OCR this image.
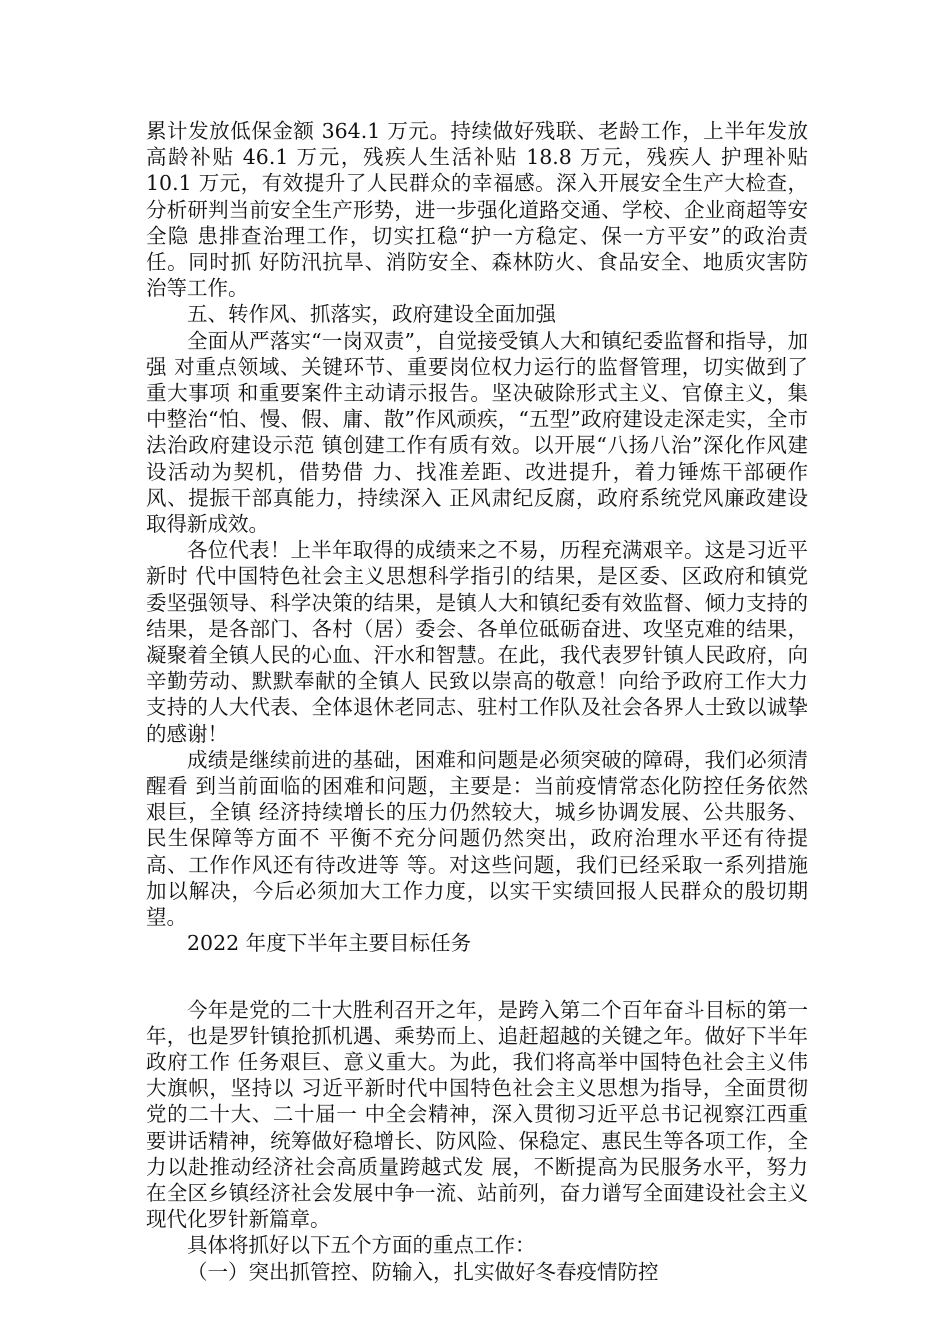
累计发放低保金额 364.1 万元。持续做好残联、老龄工作，上半年发放高龄补贴 46.1 万元，残疾人生活补贴 18.8 万元，残疾人 护理补贴 10.1 万元，有效提升了人民群众的幸福感。深入开展安全生产大检查，分析研判当前安全生产形势，进一步强化道路交通、学校、企业商超等安全隐 患排查治理工作，切实扛稳“护一方稳定、保一方平安”的政治责任。同时抓 好防汛抗旱、消防安全、森林防火、食品安全、地质灾害防治等工作。

五、转作风、抓落实，政府建设全面加强

全面从严落实“一岗双责”，自觉接受镇人大和镇纪委监督和指导，加强 对重点领域、关键环节、重要岗位权力运行的监督管理，切实做到了重大事项 和重要案件主动请示报告。坚决破除形式主义、官僚主义，集中整治“怕、慢、假、庸、散”作风顽疾，“五型”政府建设走深走实，全市法治政府建设示范 镇创建工作有质有效。以开展“八扬八治”深化作风建设活动为契机，借势借 力、找准差距、改进提升，着力锤炼干部硬作风、提振干部真能力，持续深入 正风肃纪反腐，政府系统党风廉政建设取得新成效。

各位代表！上半年取得的成绩来之不易，历程充满艰辛。这是习近平新时 代中国特色社会主义思想科学指引的结果，是区委、区政府和镇党委坚强领导、科学决策的结果，是镇人大和镇纪委有效监督、倾力支持的结果，是各部门、各村（居）委会、各单位砥砺奋进、攻坚克难的结果，凝聚着全镇人民的心血、汗水和智慧。在此，我代表罗针镇人民政府，向辛勤劳动、默默奉献的全镇人 民致以崇高的敬意！向给予政府工作大力支持的人大代表、全体退休老同志、驻村工作队及社会各界人士致以诚挚的感谢！

成绩是继续前进的基础，困难和问题是必须突破的障碍，我们必须清醒看 到当前面临的困难和问题，主要是：当前疫情常态化防控任务依然艰巨，全镇 经济持续增长的压力仍然较大，城乡协调发展、公共服务、民生保障等方面不 平衡不充分问题仍然突出，政府治理水平还有待提高、工作作风还有待改进等 等。对这些问题，我们已经采取一系列措施加以解决，今后必须加大工作力度，以实干实绩回报人民群众的殷切期望。

2022 年度下半年主要目标任务

今年是党的二十大胜利召开之年，是跨入第二个百年奋斗目标的第一年，也是罗针镇抢抓机遇、乘势而上、追赶超越的关键之年。做好下半年政府工作 任务艰巨、意义重大。为此，我们将高举中国特色社会主义伟大旗帜，坚持以 习近平新时代中国特色社会主义思想为指导，全面贯彻党的二十大、二十届一 中全会精神，深入贯彻习近平总书记视察江西重要讲话精神，统筹做好稳增长、防风险、保稳定、惠民生等各项工作，全力以赴推动经济社会高质量跨越式发 展，不断提高为民服务水平，努力在全区乡镇经济社会发展中争一流、站前列，奋力谱写全面建设社会主义现代化罗针新篇章。

具体将抓好以下五个方面的重点工作：

（一）突出抓管控、防输入，扎实做好冬春疫情防控
